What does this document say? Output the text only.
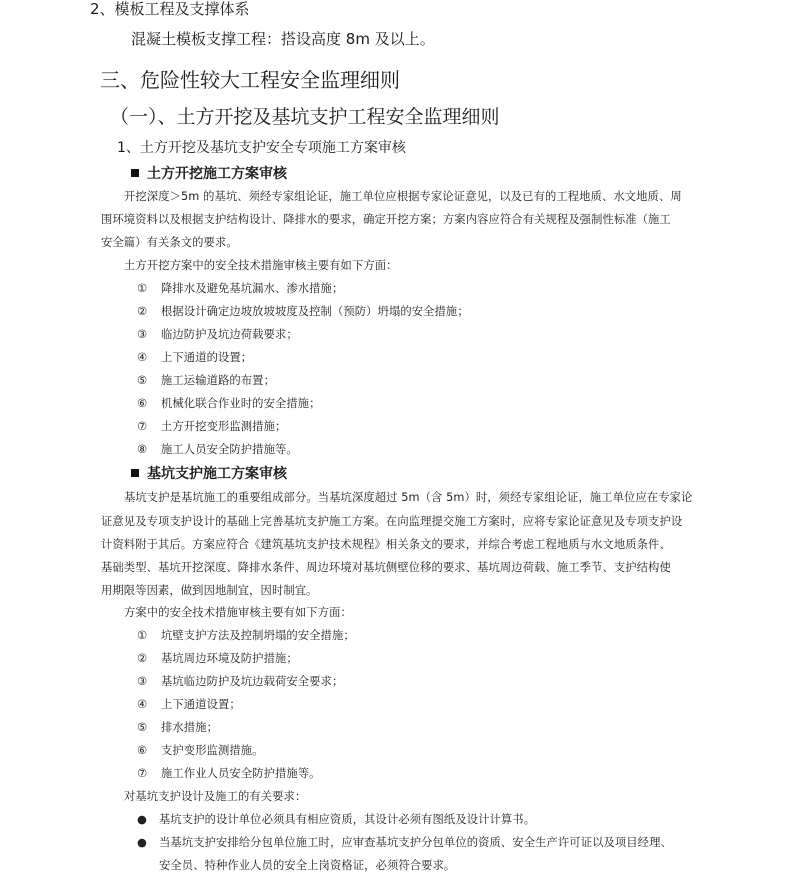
2、模板工程及支撑体系
混凝土模板支撑工程：搭设高度 8m 及以上。
三、危险性较大工程安全监理细则
（一）、土方开挖及基坑支护工程安全监理细则
1、土方开挖及基坑支护安全专项施工方案审核
土方开挖施工方案审核
开挖深度＞5m 的基坑、须经专家组论证，施工单位应根据专家论证意见，以及已有的工程地质、水文地质、周
围环境资料以及根据支护结构设计、降排水的要求，确定开挖方案；方案内容应符合有关规程及强制性标准（施工
安全篇）有关条文的要求。
土方开挖方案中的安全技术措施审核主要有如下方面：
① 降排水及避免基坑漏水、渗水措施；
② 根据设计确定边坡放坡坡度及控制（预防）坍塌的安全措施；
③ 临边防护及坑边荷载要求；
④ 上下通道的设置；
⑤ 施工运输道路的布置；
⑥ 机械化联合作业时的安全措施；
⑦ 土方开挖变形监测措施；
⑧ 施工人员安全防护措施等。
基坑支护施工方案审核
基坑支护是基坑施工的重要组成部分。当基坑深度超过 5m（含 5m）时，须经专家组论证，施工单位应在专家论
证意见及专项支护设计的基础上完善基坑支护施工方案。在向监理提交施工方案时，应将专家论证意见及专项支护设
计资料附于其后。方案应符合《建筑基坑支护技术规程》相关条文的要求，并综合考虑工程地质与水文地质条件、
基础类型、基坑开挖深度、降排水条件、周边环境对基坑侧壁位移的要求、基坑周边荷载、施工季节、支护结构使
用期限等因素，做到因地制宜，因时制宜。
方案中的安全技术措施审核主要有如下方面：
① 坑壁支护方法及控制坍塌的安全措施；
② 基坑周边环境及防护措施；
③ 基坑临边防护及坑边载荷安全要求；
④ 上下通道设置；
⑤ 排水措施；
⑥ 支护变形监测措施。
⑦ 施工作业人员安全防护措施等。
对基坑支护设计及施工的有关要求：
● 基坑支护的设计单位必须具有相应资质，其设计必须有图纸及设计计算书。
● 当基坑支护安排给分包单位施工时，应审查基坑支护分包单位的资质、安全生产许可证以及项目经理、
安全员、特种作业人员的安全上岗资格证，必须符合要求。
